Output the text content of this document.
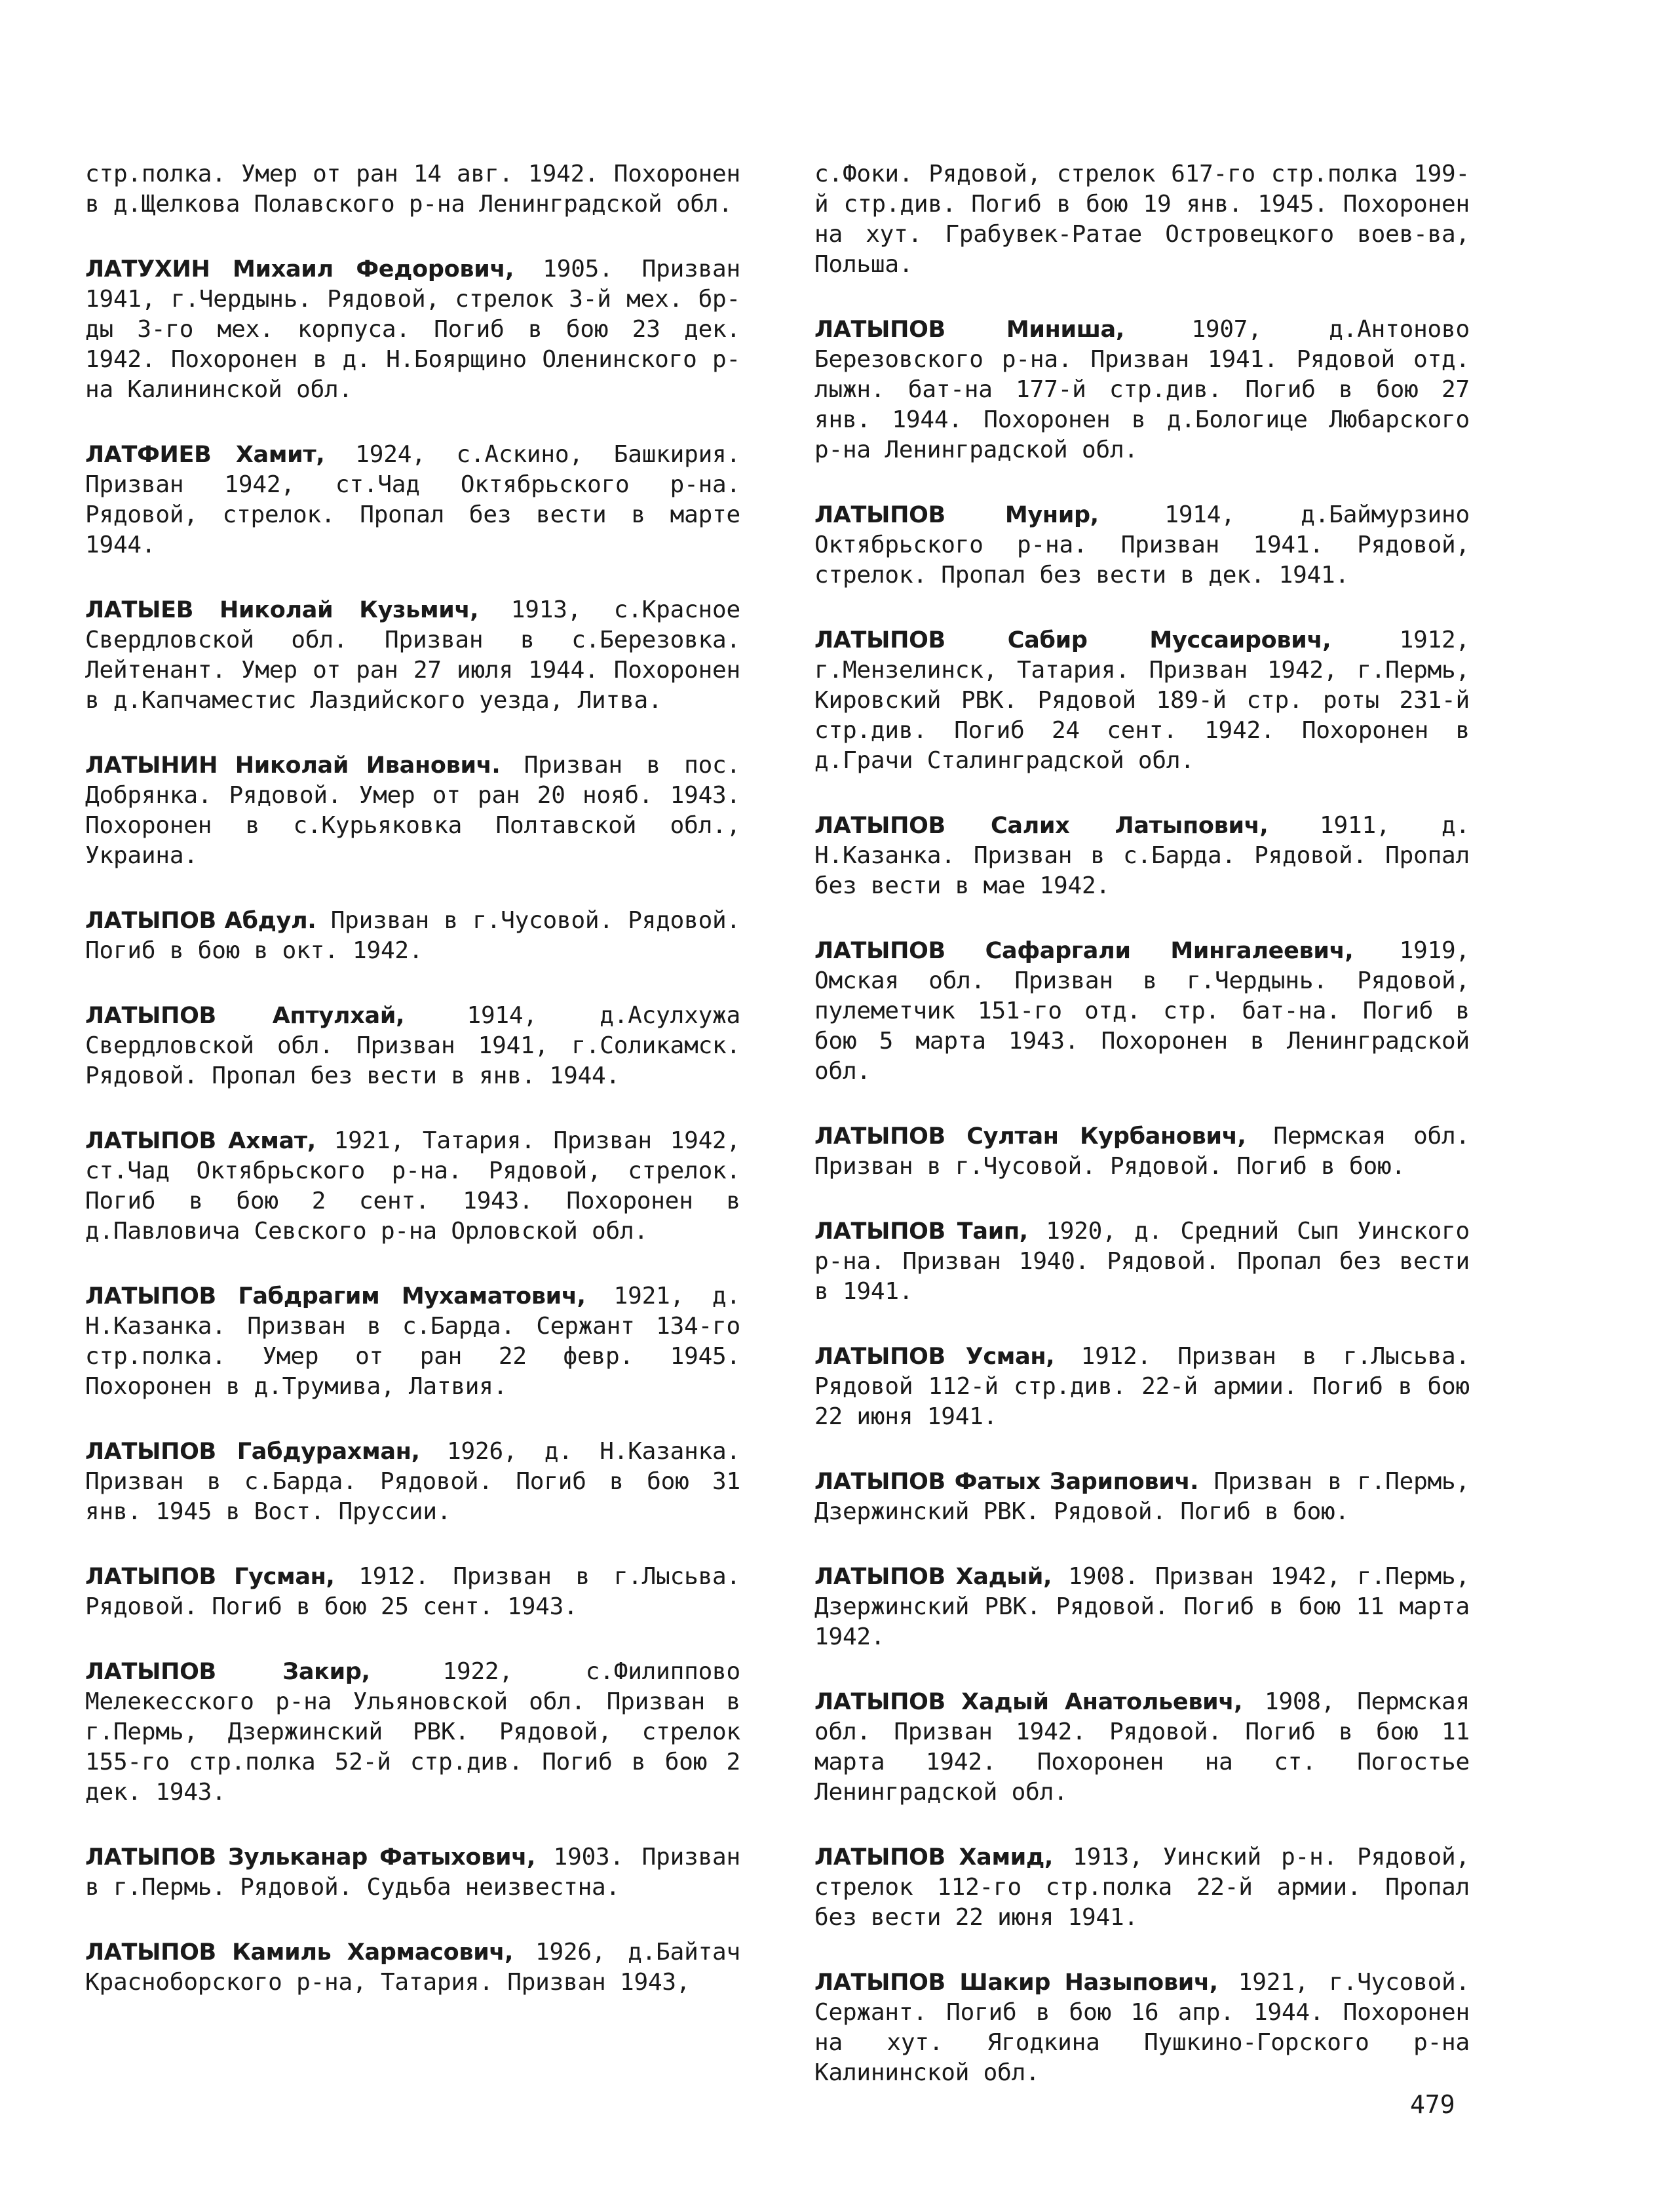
стр.полка. Умер от ран 14 авг. 1942. Похоронен в д.Щелкова Полавского р-на Ленинградской обл.

ЛАТУХИН Михаил Федорович, 1905. Призван 1941, г.Чердынь. Рядовой, стрелок 3-й мех. бр-ды 3-го мех. корпуса. Погиб в бою 23 дек. 1942. Похоронен в д. Н.Боярщино Оленинского р-на Калининской обл.

ЛАТФИЕВ Хамит, 1924, с.Аскино, Башкирия. Призван 1942, ст.Чад Октябрьского р-на. Рядовой, стрелок. Пропал без вести в марте 1944.

ЛАТЫЕВ Николай Кузьмич, 1913, с.Красное Свердловской обл. Призван в с.Березовка. Лейтенант. Умер от ран 27 июля 1944. Похоронен в д.Капчамеcтис Лаздийского уезда, Литва.

ЛАТЫНИН Николай Иванович. Призван в пос. Добрянка. Рядовой. Умер от ран 20 нояб. 1943. Похоронен в с.Курьяковка Полтавской обл., Украина.

ЛАТЫПОВ Абдул. Призван в г.Чусовой. Рядовой. Погиб в бою в окт. 1942.

ЛАТЫПОВ Аптулхай, 1914, д.Асулхужа Свердловской обл. Призван 1941, г.Соликамск. Рядовой. Пропал без вести в янв. 1944.

ЛАТЫПОВ Ахмат, 1921, Татария. Призван 1942, ст.Чад Октябрьского р-на. Рядовой, стрелок. Погиб в бою 2 сент. 1943. Похоронен в д.Павловича Севского р-на Орловской обл.

ЛАТЫПОВ Габдрагим Мухаматович, 1921, д. Н.Казанка. Призван в с.Барда. Сержант 134-го стр.полка. Умер от ран 22 февр. 1945. Похоронен в д.Трумива, Латвия.

ЛАТЫПОВ Габдурахман, 1926, д. Н.Казанка. Призван в с.Барда. Рядовой. Погиб в бою 31 янв. 1945 в Вост. Пруссии.

ЛАТЫПОВ Гусман, 1912. Призван в г.Лысьва. Рядовой. Погиб в бою 25 сент. 1943.

ЛАТЫПОВ Закир, 1922, с.Филиппово Мелекесского р-на Ульяновской обл. Призван в г.Пермь, Дзержинский РВК. Рядовой, стрелок 155-го стр.полка 52-й стр.див. Погиб в бою 2 дек. 1943.

ЛАТЫПОВ Зульканар Фатыхович, 1903. Призван в г.Пермь. Рядовой. Судьба неизвестна.

ЛАТЫПОВ Камиль Хармасович, 1926, д.Байтач Красноборского р-на, Татария. Призван 1943,

с.Фоки. Рядовой, стрелок 617-го стр.полка 199-й стр.див. Погиб в бою 19 янв. 1945. Похоронен на хут. Грабувек-Ратае Островецкого воев-ва, Польша.

ЛАТЫПОВ Миниша, 1907, д.Антоново Березовского р-на. Призван 1941. Рядовой отд. лыжн. бат-на 177-й стр.див. Погиб в бою 27 янв. 1944. Похоронен в д.Бологице Любарского р-на Ленинградской обл.

ЛАТЫПОВ Мунир, 1914, д.Баймурзино Октябрьского р-на. Призван 1941. Рядовой, стрелок. Пропал без вести в дек. 1941.

ЛАТЫПОВ Сабир Муссаирович, 1912, г.Мензелинск, Татария. Призван 1942, г.Пермь, Кировский РВК. Рядовой 189-й стр. роты 231-й стр.див. Погиб 24 сент. 1942. Похоронен в д.Грачи Сталинградской обл.

ЛАТЫПОВ Салих Латыпович, 1911, д. Н.Казанка. Призван в с.Барда. Рядовой. Пропал без вести в мае 1942.

ЛАТЫПОВ Сафаргали Мингалеевич, 1919, Омская обл. Призван в г.Чердынь. Рядовой, пулеметчик 151-го отд. стр. бат-на. Погиб в бою 5 марта 1943. Похоронен в Ленинградской обл.

ЛАТЫПОВ Султан Курбанович, Пермская обл. Призван в г.Чусовой. Рядовой. Погиб в бою.

ЛАТЫПОВ Таип, 1920, д. Средний Сып Уинского р-на. Призван 1940. Рядовой. Пропал без вести в 1941.

ЛАТЫПОВ Усман, 1912. Призван в г.Лысьва. Рядовой 112-й стр.див. 22-й армии. Погиб в бою 22 июня 1941.

ЛАТЫПОВ Фатых Зарипович. Призван в г.Пермь, Дзержинский РВК. Рядовой. Погиб в бою.

ЛАТЫПОВ Хадый, 1908. Призван 1942, г.Пермь, Дзержинский РВК. Рядовой. Погиб в бою 11 марта 1942.

ЛАТЫПОВ Хадый Анатольевич, 1908, Пермская обл. Призван 1942. Рядовой. Погиб в бою 11 марта 1942. Похоронен на ст. Погостье Ленинградской обл.

ЛАТЫПОВ Хамид, 1913, Уинский р-н. Рядовой, стрелок 112-го стр.полка 22-й армии. Пропал без вести 22 июня 1941.

ЛАТЫПОВ Шакир Назыпович, 1921, г.Чусовой. Сержант. Погиб в бою 16 апр. 1944. Похоронен на хут. Ягодкина Пушкино-Горского р-на Калининской обл.

479
